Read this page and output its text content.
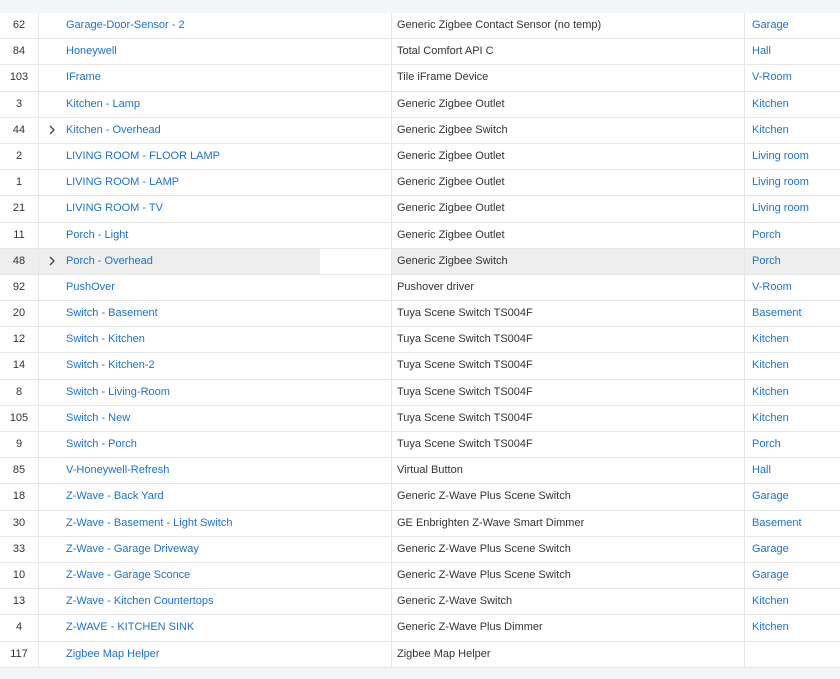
62	Garage-Door-Sensor - 2	Generic Zigbee Contact Sensor (no temp)	Garage
84	Honeywell	Total Comfort API C	Hall
103	IFrame	Tile iFrame Device	V-Room
3	Kitchen - Lamp	Generic Zigbee Outlet	Kitchen
44	Kitchen - Overhead	Generic Zigbee Switch	Kitchen
2	LIVING ROOM - FLOOR LAMP	Generic Zigbee Outlet	Living room
1	LIVING ROOM - LAMP	Generic Zigbee Outlet	Living room
21	LIVING ROOM - TV	Generic Zigbee Outlet	Living room
11	Porch - Light	Generic Zigbee Outlet	Porch
48	Porch - Overhead	Generic Zigbee Switch	Porch
92	PushOver	Pushover driver	V-Room
20	Switch - Basement	Tuya Scene Switch TS004F	Basement
12	Switch - Kitchen	Tuya Scene Switch TS004F	Kitchen
14	Switch - Kitchen-2	Tuya Scene Switch TS004F	Kitchen
8	Switch - Living-Room	Tuya Scene Switch TS004F	Kitchen
105	Switch - New	Tuya Scene Switch TS004F	Kitchen
9	Switch - Porch	Tuya Scene Switch TS004F	Porch
85	V-Honeywell-Refresh	Virtual Button	Hall
18	Z-Wave - Back Yard	Generic Z-Wave Plus Scene Switch	Garage
30	Z-Wave - Basement - Light Switch	GE Enbrighten Z-Wave Smart Dimmer	Basement
33	Z-Wave - Garage Driveway	Generic Z-Wave Plus Scene Switch	Garage
10	Z-Wave - Garage Sconce	Generic Z-Wave Plus Scene Switch	Garage
13	Z-Wave - Kitchen Countertops	Generic Z-Wave Switch	Kitchen
4	Z-WAVE - KITCHEN SINK	Generic Z-Wave Plus Dimmer	Kitchen
117	Zigbee Map Helper	Zigbee Map Helper
